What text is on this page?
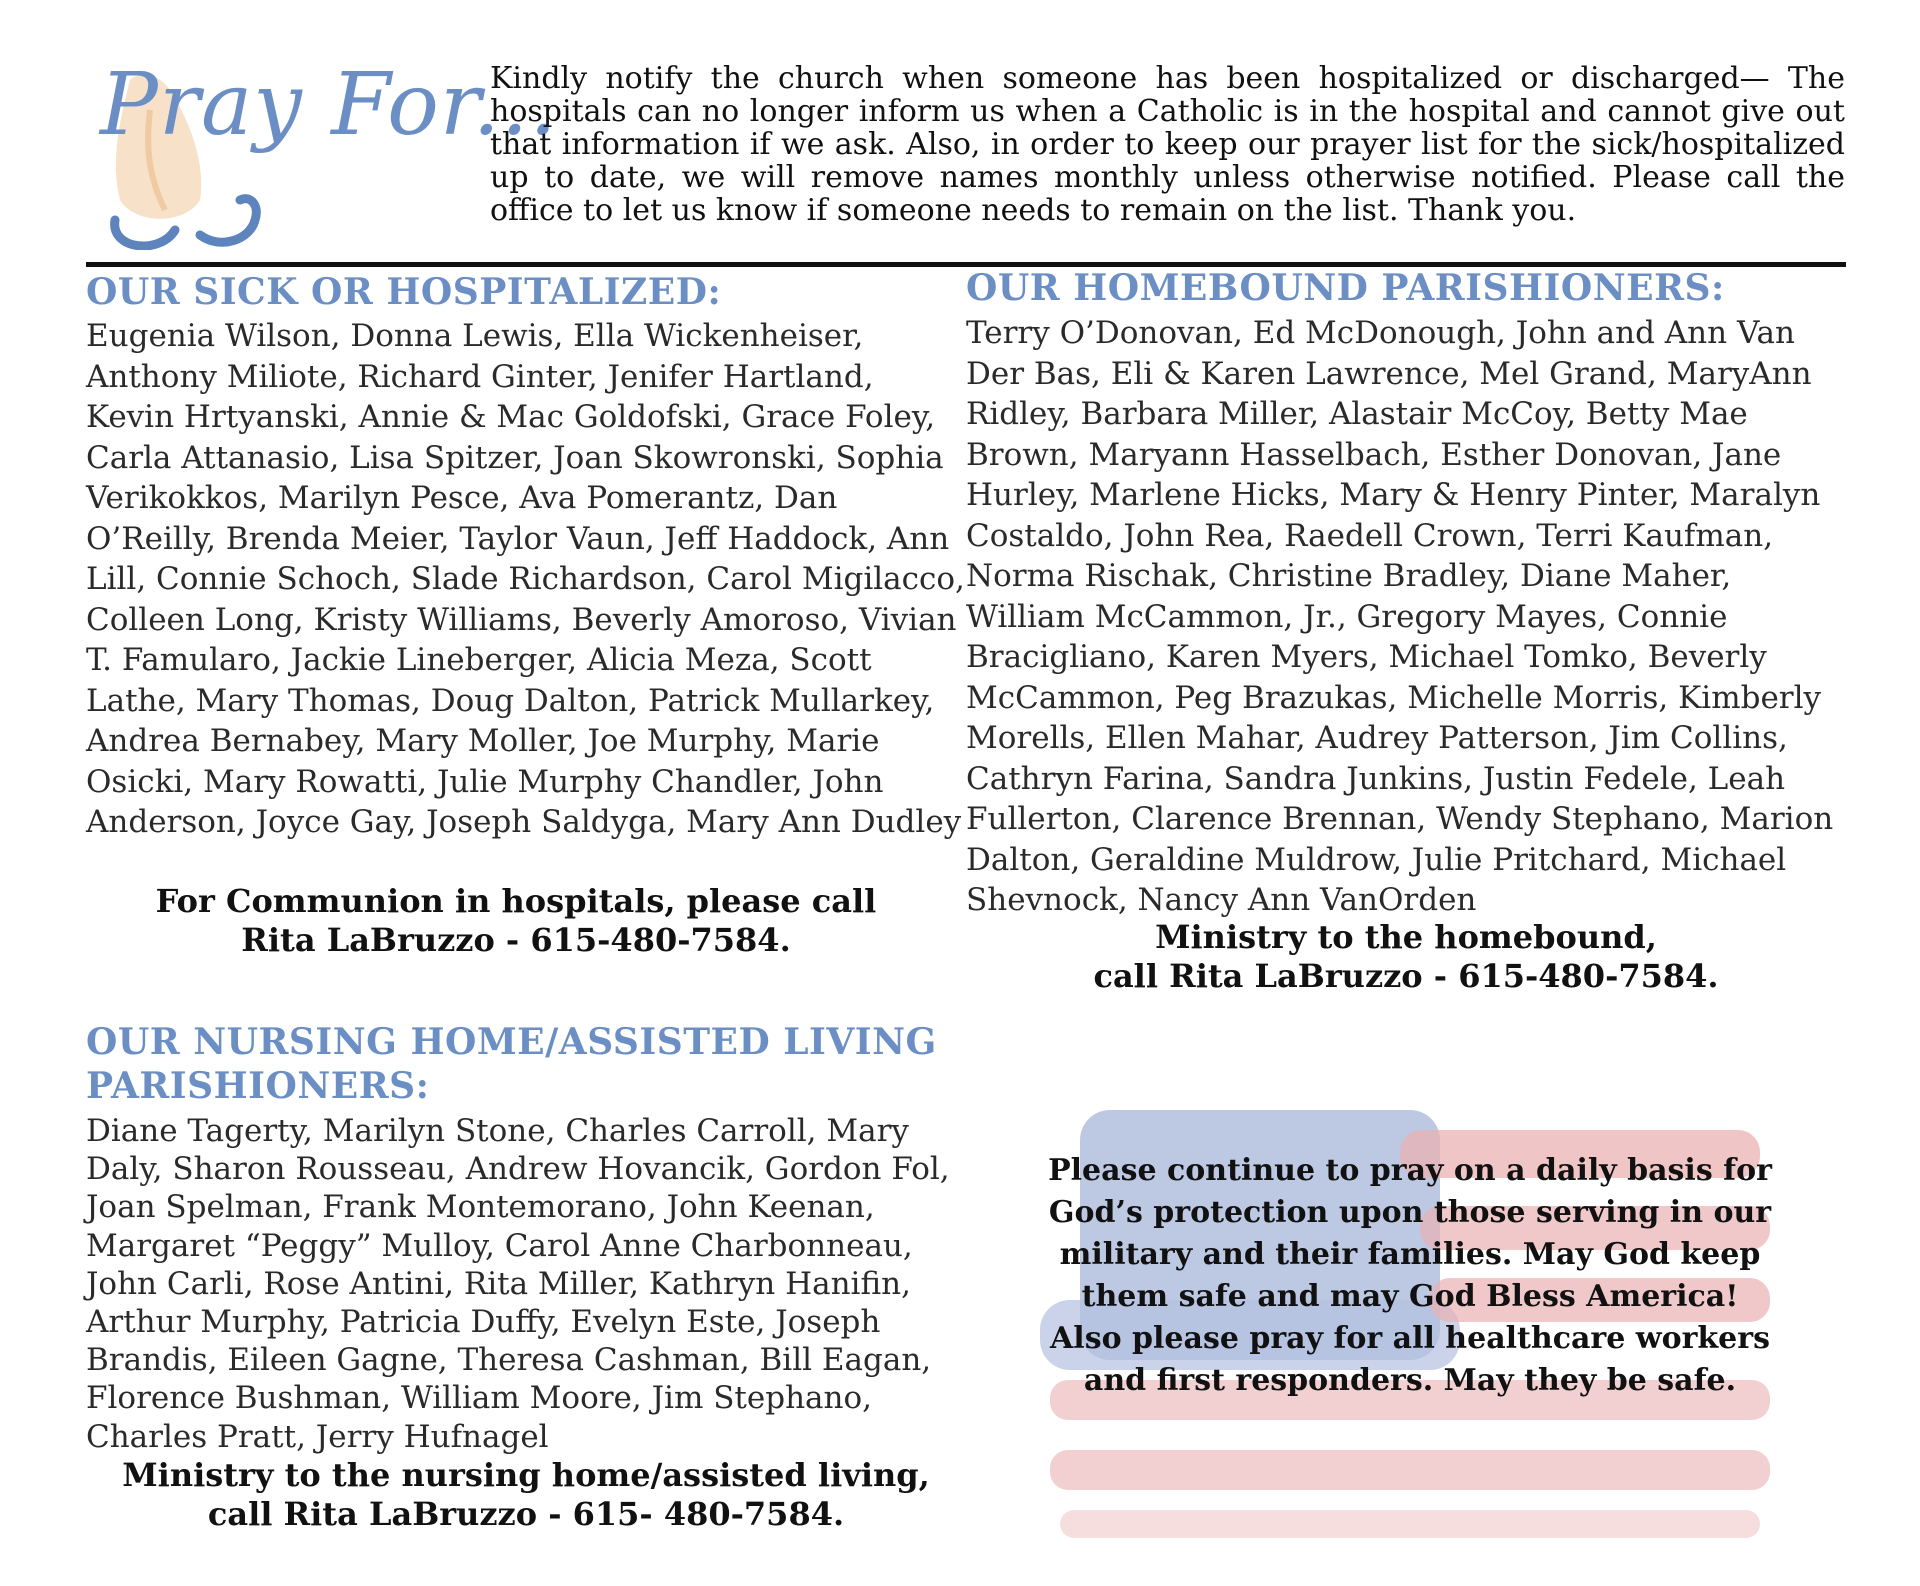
Pray For...
Kindly notify the church when someone has been hospitalized or discharged— The hospitals can no longer inform us when a Catholic is in the hospital and cannot give out that information if we ask. Also, in order to keep our prayer list for the sick/hospitalized up to date, we will remove names monthly unless otherwise notified. Please call the office to let us know if someone needs to remain on the list. Thank you.
OUR SICK OR HOSPITALIZED:
Eugenia Wilson, Donna Lewis, Ella Wickenheiser, Anthony Miliote, Richard Ginter, Jenifer Hartland, Kevin Hrtyanski, Annie & Mac Goldofski, Grace Foley, Carla Attanasio, Lisa Spitzer, Joan Skowronski, Sophia Verikokkos, Marilyn Pesce, Ava Pomerantz, Dan O’Reilly, Brenda Meier, Taylor Vaun, Jeff Haddock, Ann Lill, Connie Schoch, Slade Richardson, Carol Migilacco, Colleen Long, Kristy Williams, Beverly Amoroso, Vivian T. Famularo, Jackie Lineberger, Alicia Meza, Scott Lathe, Mary Thomas, Doug Dalton, Patrick Mullarkey, Andrea Bernabey, Mary Moller, Joe Murphy, Marie Osicki, Mary Rowatti, Julie Murphy Chandler, John Anderson, Joyce Gay, Joseph Saldyga, Mary Ann Dudley
For Communion in hospitals, please call
Rita LaBruzzo - 615-480-7584.
OUR HOMEBOUND PARISHIONERS:
Terry O’Donovan, Ed McDonough, John and Ann Van Der Bas, Eli & Karen Lawrence, Mel Grand, MaryAnn Ridley, Barbara Miller, Alastair McCoy, Betty Mae Brown, Maryann Hasselbach, Esther Donovan, Jane Hurley, Marlene Hicks, Mary & Henry Pinter, Maralyn Costaldo, John Rea, Raedell Crown, Terri Kaufman, Norma Rischak, Christine Bradley, Diane Maher, William McCammon, Jr., Gregory Mayes, Connie Bracigliano, Karen Myers, Michael Tomko, Beverly McCammon, Peg Brazukas, Michelle Morris, Kimberly Morells, Ellen Mahar, Audrey Patterson, Jim Collins, Cathryn Farina, Sandra Junkins, Justin Fedele, Leah Fullerton, Clarence Brennan, Wendy Stephano, Marion Dalton, Geraldine Muldrow, Julie Pritchard, Michael Shevnock, Nancy Ann VanOrden
Ministry to the homebound,
call Rita LaBruzzo - 615-480-7584.
OUR NURSING HOME/ASSISTED LIVING
PARISHIONERS:
Diane Tagerty, Marilyn Stone, Charles Carroll, Mary Daly, Sharon Rousseau, Andrew Hovancik, Gordon Fol, Joan Spelman, Frank Montemorano, John Keenan, Margaret “Peggy” Mulloy, Carol Anne Charbonneau, John Carli, Rose Antini, Rita Miller, Kathryn Hanifin, Arthur Murphy, Patricia Duffy, Evelyn Este, Joseph Brandis, Eileen Gagne, Theresa Cashman, Bill Eagan, Florence Bushman, William Moore, Jim Stephano, Charles Pratt, Jerry Hufnagel
Ministry to the nursing home/assisted living,
call Rita LaBruzzo - 615- 480-7584.
Please continue to pray on a daily basis for God’s protection upon those serving in our military and their families. May God keep them safe and may God Bless America!
Also please pray for all healthcare workers and first responders. May they be safe.
